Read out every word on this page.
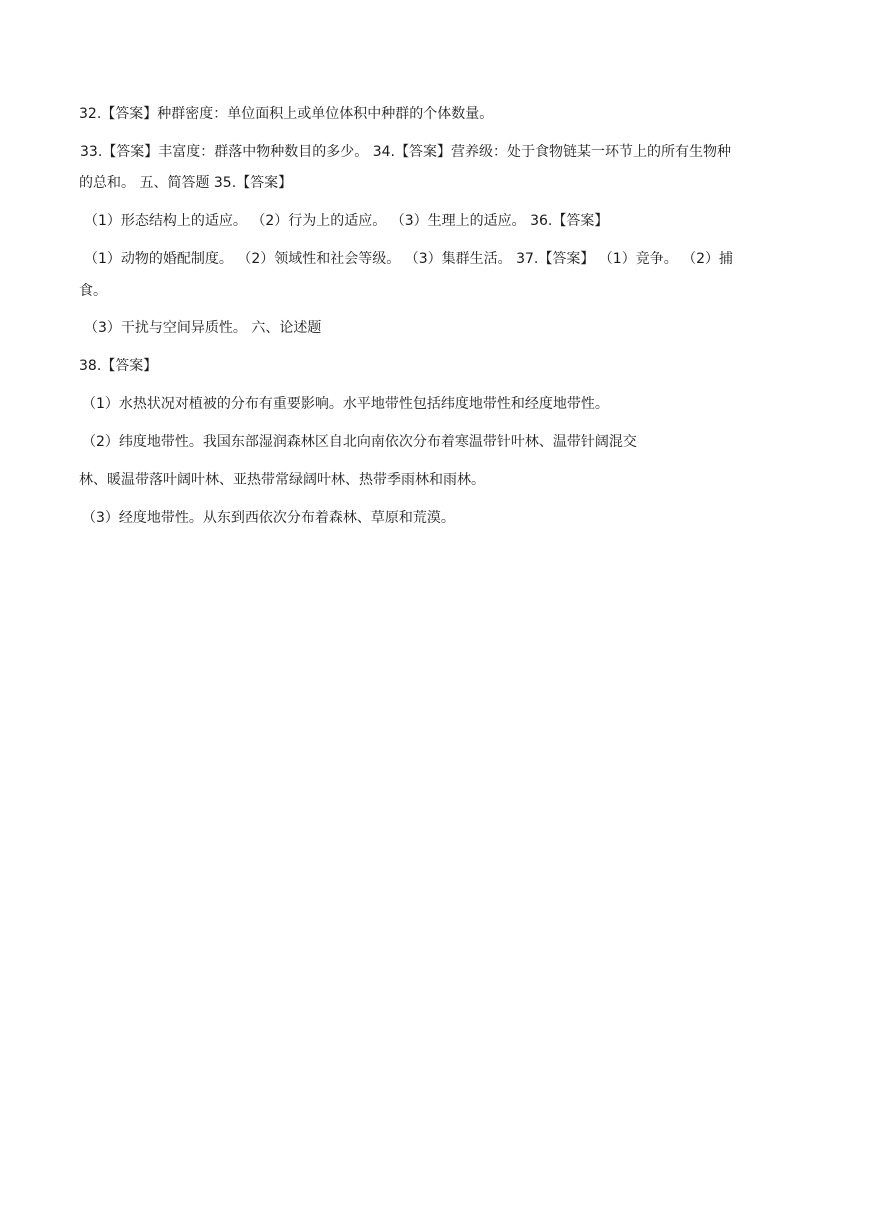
32.【答案】种群密度：单位面积上或单位体积中种群的个体数量。
33.【答案】丰富度：群落中物种数目的多少。 34.【答案】营养级：处于食物链某一环节上的所有生物种
的总和。 五、简答题 35.【答案】
（1）形态结构上的适应。 （2）行为上的适应。 （3）生理上的适应。 36.【答案】
（1）动物的婚配制度。 （2）领域性和社会等级。 （3）集群生活。 37.【答案】 （1）竞争。 （2）捕
食。
（3）干扰与空间异质性。 六、论述题
38.【答案】
（1）水热状况对植被的分布有重要影响。水平地带性包括纬度地带性和经度地带性。
（2）纬度地带性。我国东部湿润森林区自北向南依次分布着寒温带针叶林、温带针阔混交
林、暖温带落叶阔叶林、亚热带常绿阔叶林、热带季雨林和雨林。
（3）经度地带性。从东到西依次分布着森林、草原和荒漠。
